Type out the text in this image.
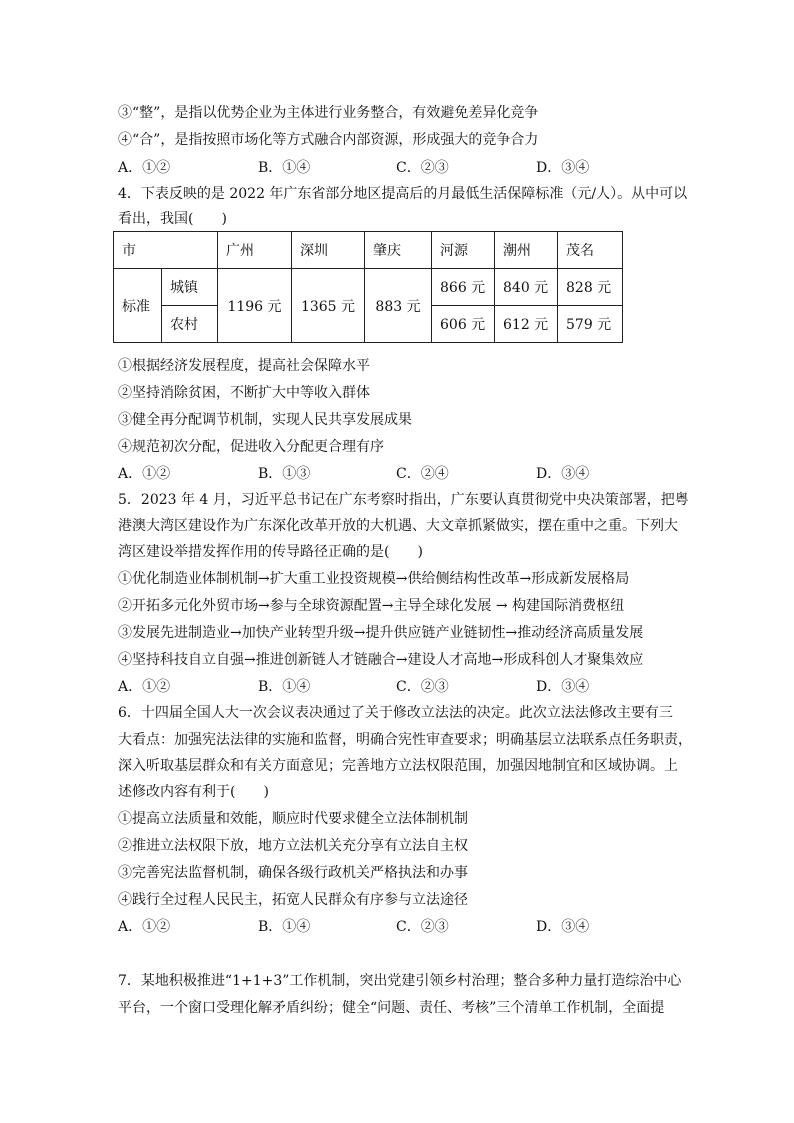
③“整”，是指以优势企业为主体进行业务整合，有效避免差异化竞争
④“合”，是指按照市场化等方式融合内部资源，形成强大的竞争合力
A．①②	B．①④	C．②③	D．③④
4．下表反映的是 2022 年广东省部分地区提高后的月最低生活保障标准（元/人）。从中可以
看出，我国(　　)
市		广州	深圳	肇庆	河源	潮州	茂名
标准	城镇	1196 元	1365 元	883 元	866 元	840 元	828 元
	农村				606 元	612 元	579 元
①根据经济发展程度，提高社会保障水平
②坚持消除贫困，不断扩大中等收入群体
③健全再分配调节机制，实现人民共享发展成果
④规范初次分配，促进收入分配更合理有序
A．①②	B．①③	C．②④	D．③④
5．2023 年 4 月，习近平总书记在广东考察时指出，广东要认真贯彻党中央决策部署，把粤
港澳大湾区建设作为广东深化改革开放的大机遇、大文章抓紧做实，摆在重中之重。下列大
湾区建设举措发挥作用的传导路径正确的是(　　)
①优化制造业体制机制→扩大重工业投资规模→供给侧结构性改革→形成新发展格局
②开拓多元化外贸市场→参与全球资源配置→主导全球化发展 → 构建国际消费枢纽
③发展先进制造业→加快产业转型升级→提升供应链产业链韧性→推动经济高质量发展
④坚持科技自立自强→推进创新链人才链融合→建设人才高地→形成科创人才聚集效应
A．①②	B．①④	C．②③	D．③④
6．十四届全国人大一次会议表决通过了关于修改立法法的决定。此次立法法修改主要有三
大看点：加强宪法法律的实施和监督，明确合宪性审查要求；明确基层立法联系点任务职责，
深入听取基层群众和有关方面意见；完善地方立法权限范围，加强因地制宜和区域协调。上
述修改内容有利于(　　)
①提高立法质量和效能，顺应时代要求健全立法体制机制
②推进立法权限下放，地方立法机关充分享有立法自主权
③完善宪法监督机制，确保各级行政机关严格执法和办事
④践行全过程人民民主，拓宽人民群众有序参与立法途径
A．①②	B．①④	C．②③	D．③④
7．某地积极推进“1+1+3”工作机制，突出党建引领乡村治理；整合多种力量打造综治中心
平台，一个窗口受理化解矛盾纠纷；健全“问题、责任、考核”三个清单工作机制，全面提
